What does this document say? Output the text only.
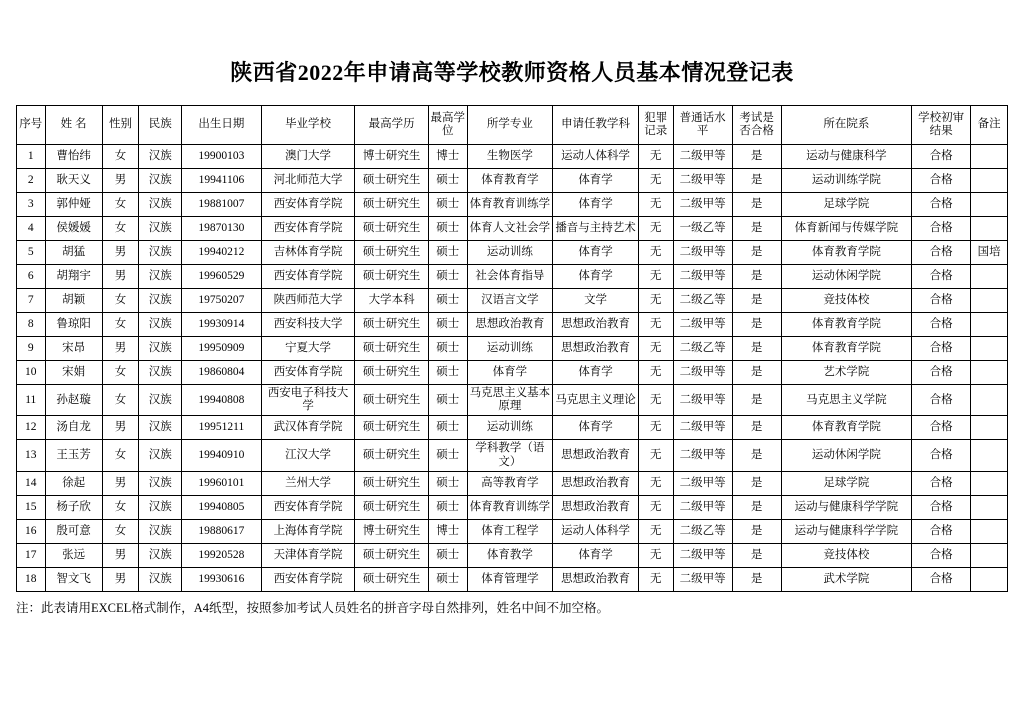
陕西省2022年申请高等学校教师资格人员基本情况登记表
序号	姓 名	性别	民族	出生日期	毕业学校	最高学历	最高学位	所学专业	申请任教学科	犯罪记录	普通话水平	考试是否合格	所在院系	学校初审结果	备注
1	曹怡纬	女	汉族	19900103	澳门大学	博士研究生	博士	生物医学	运动人体科学	无	二级甲等	是	运动与健康科学	合格	
2	耿天义	男	汉族	19941106	河北师范大学	硕士研究生	硕士	体育教育学	体育学	无	二级甲等	是	运动训练学院	合格	
3	郭仲娅	女	汉族	19881007	西安体育学院	硕士研究生	硕士	体育教育训练学	体育学	无	二级甲等	是	足球学院	合格	
4	侯媛媛	女	汉族	19870130	西安体育学院	硕士研究生	硕士	体育人文社会学	播音与主持艺术	无	一级乙等	是	体育新闻与传媒学院	合格	
5	胡猛	男	汉族	19940212	吉林体育学院	硕士研究生	硕士	运动训练	体育学	无	二级甲等	是	体育教育学院	合格	国培
6	胡翔宇	男	汉族	19960529	西安体育学院	硕士研究生	硕士	社会体育指导	体育学	无	二级甲等	是	运动休闲学院	合格	
7	胡颖	女	汉族	19750207	陕西师范大学	大学本科	硕士	汉语言文学	文学	无	二级乙等	是	竞技体校	合格	
8	鲁琼阳	女	汉族	19930914	西安科技大学	硕士研究生	硕士	思想政治教育	思想政治教育	无	二级甲等	是	体育教育学院	合格	
9	宋昂	男	汉族	19950909	宁夏大学	硕士研究生	硕士	运动训练	思想政治教育	无	二级乙等	是	体育教育学院	合格	
10	宋娟	女	汉族	19860804	西安体育学院	硕士研究生	硕士	体育学	体育学	无	二级甲等	是	艺术学院	合格	
11	孙赵璇	女	汉族	19940808	西安电子科技大学	硕士研究生	硕士	马克思主义基本原理	马克思主义理论	无	二级甲等	是	马克思主义学院	合格	
12	汤自龙	男	汉族	19951211	武汉体育学院	硕士研究生	硕士	运动训练	体育学	无	二级甲等	是	体育教育学院	合格	
13	王玉芳	女	汉族	19940910	江汉大学	硕士研究生	硕士	学科教学（语文）	思想政治教育	无	二级甲等	是	运动休闲学院	合格	
14	徐起	男	汉族	19960101	兰州大学	硕士研究生	硕士	高等教育学	思想政治教育	无	二级甲等	是	足球学院	合格	
15	杨子欣	女	汉族	19940805	西安体育学院	硕士研究生	硕士	体育教育训练学	思想政治教育	无	二级甲等	是	运动与健康科学学院	合格	
16	殷可意	女	汉族	19880617	上海体育学院	博士研究生	博士	体育工程学	运动人体科学	无	二级乙等	是	运动与健康科学学院	合格	
17	张远	男	汉族	19920528	天津体育学院	硕士研究生	硕士	体育教学	体育学	无	二级甲等	是	竞技体校	合格	
18	智文飞	男	汉族	19930616	西安体育学院	硕士研究生	硕士	体育管理学	思想政治教育	无	二级甲等	是	武术学院	合格	
注：此表请用EXCEL格式制作，A4纸型，按照参加考试人员姓名的拼音字母自然排列，姓名中间不加空格。
